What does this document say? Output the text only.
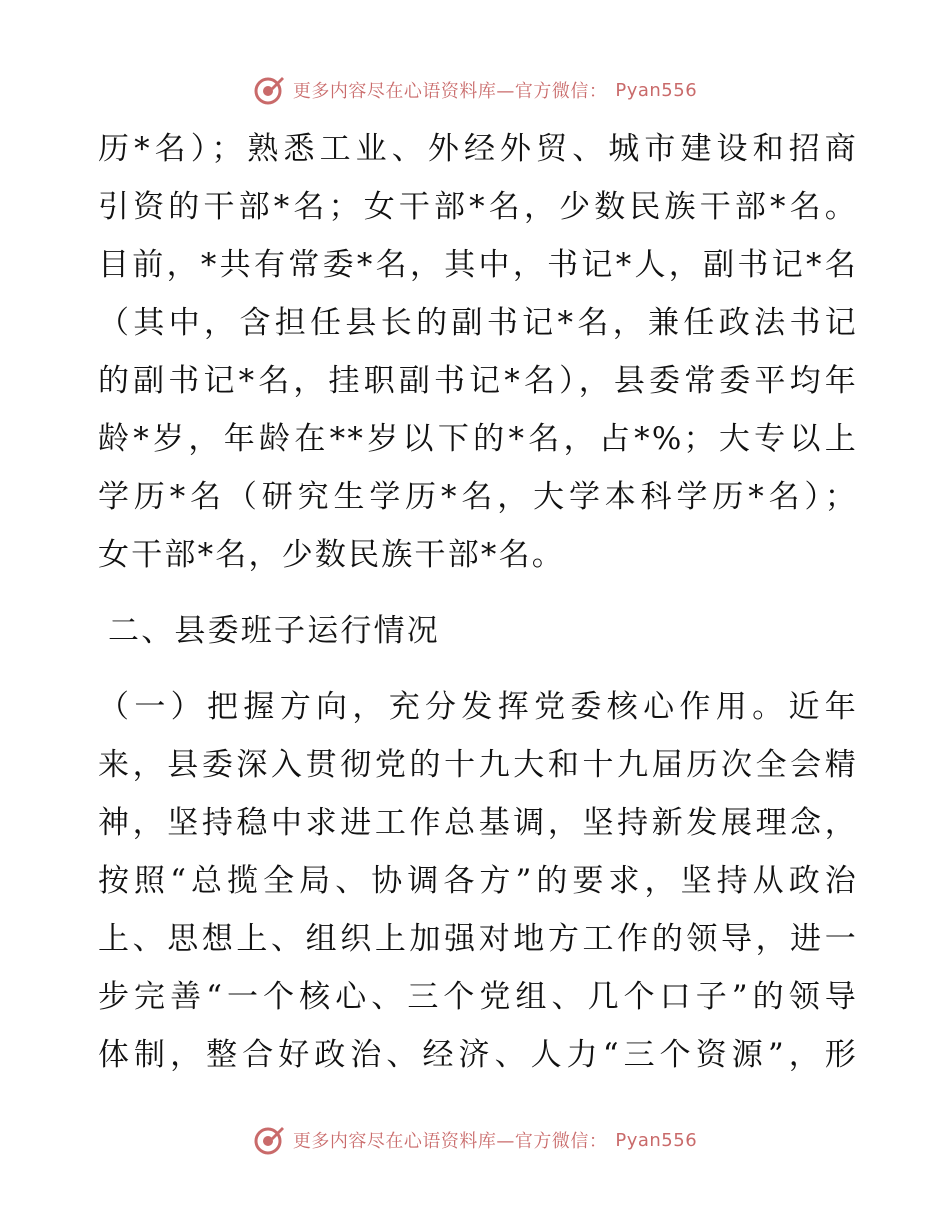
更多内容尽在心语资料库—官方微信： Pyan556
历*名）；熟悉工业、外经外贸、城市建设和招商
引资的干部*名；女干部*名，少数民族干部*名。
目前，*共有常委*名，其中，书记*人，副书记*名
（其中，含担任县长的副书记*名，兼任政法书记
的副书记*名，挂职副书记*名），县委常委平均年
龄*岁，年龄在**岁以下的*名，占*%；大专以上
学历*名（研究生学历*名，大学本科学历*名）；
女干部*名，少数民族干部*名。
二、县委班子运行情况
（一）把握方向，充分发挥党委核心作用。近年
来，县委深入贯彻党的十九大和十九届历次全会精
神，坚持稳中求进工作总基调，坚持新发展理念，
按照“总揽全局、协调各方”的要求，坚持从政治
上、思想上、组织上加强对地方工作的领导，进一
步完善“一个核心、三个党组、几个口子”的领导
体制，整合好政治、经济、人力“三个资源”，形
更多内容尽在心语资料库—官方微信： Pyan556
